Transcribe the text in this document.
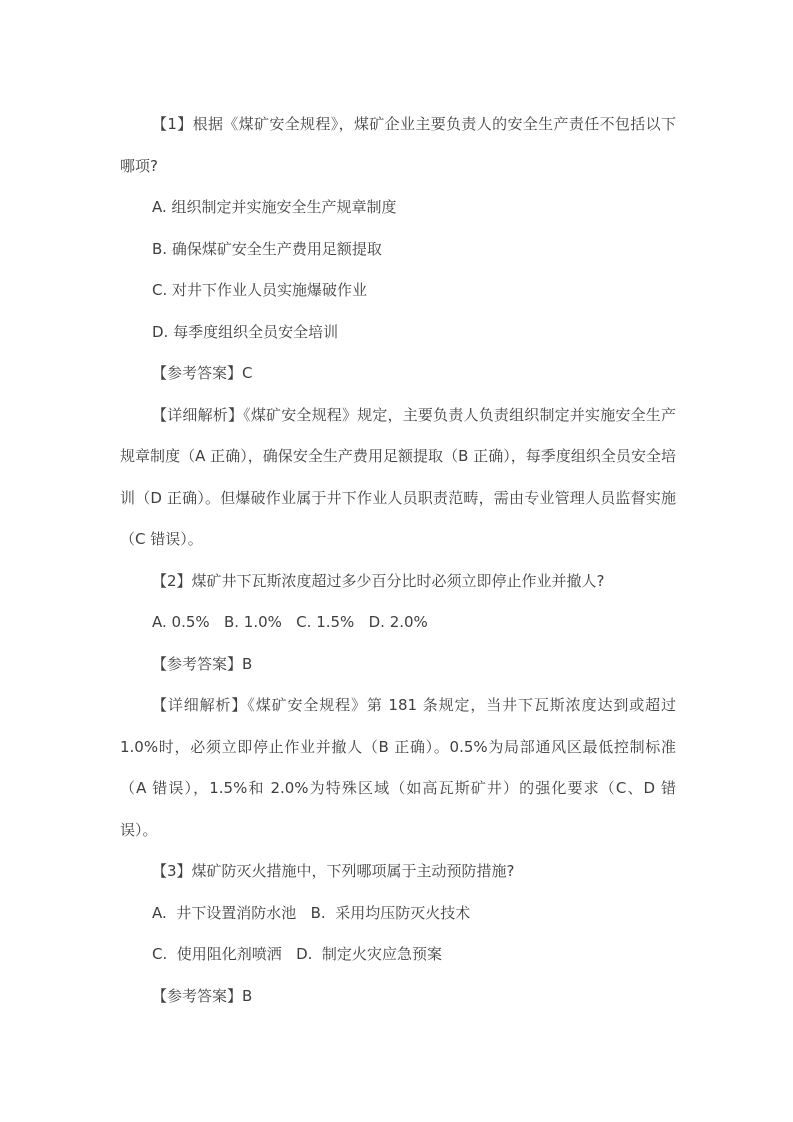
【1】根据《煤矿安全规程》，煤矿企业主要负责人的安全生产责任不包括以下哪项?

A. 组织制定并实施安全生产规章制度

B. 确保煤矿安全生产费用足额提取

C. 对井下作业人员实施爆破作业

D. 每季度组织全员安全培训

【参考答案】C

【详细解析】《煤矿安全规程》规定，主要负责人负责组织制定并实施安全生产规章制度（A 正确），确保安全生产费用足额提取（B 正确），每季度组织全员安全培训（D 正确）。但爆破作业属于井下作业人员职责范畴，需由专业管理人员监督实施（C 错误）。

【2】煤矿井下瓦斯浓度超过多少百分比时必须立即停止作业并撤人?

A. 0.5%   B. 1.0%   C. 1.5%   D. 2.0%

【参考答案】B

【详细解析】《煤矿安全规程》第 181 条规定，当井下瓦斯浓度达到或超过 1.0%时，必须立即停止作业并撤人（B 正确）。0.5%为局部通风区最低控制标准（A 错误），1.5%和 2.0%为特殊区域（如高瓦斯矿井）的强化要求（C、D 错误）。

【3】煤矿防灭火措施中，下列哪项属于主动预防措施?

A.  井下设置消防水池   B.  采用均压防灭火技术

C.  使用阻化剂喷洒   D.  制定火灾应急预案

【参考答案】B
